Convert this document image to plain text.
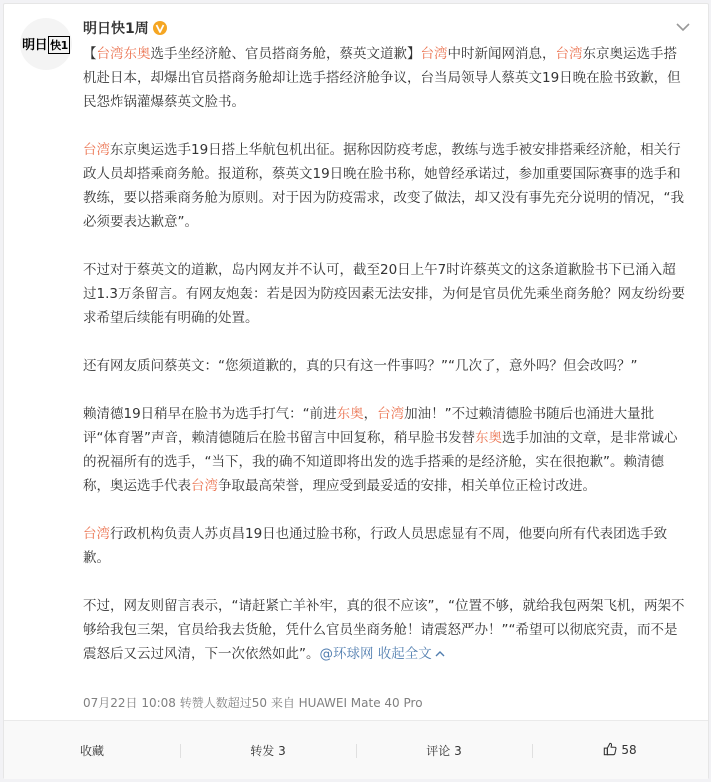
明日 快1
明日快1周

【台湾东奥选手坐经济舱、官员搭商务舱，蔡英文道歉】台湾中时新闻网消息，台湾东京奥运选手搭机赴日本，却爆出官员搭商务舱却让选手搭经济舱争议，台当局领导人蔡英文19日晚在脸书致歉，但民怨炸锅灌爆蔡英文脸书。

台湾东京奥运选手19日搭上华航包机出征。据称因防疫考虑，教练与选手被安排搭乘经济舱，相关行政人员却搭乘商务舱。报道称，蔡英文19日晚在脸书称，她曾经承诺过，参加重要国际赛事的选手和教练，要以搭乘商务舱为原则。对于因为防疫需求，改变了做法，却又没有事先充分说明的情况，“我必须要表达歉意”。

不过对于蔡英文的道歉，岛内网友并不认可，截至20日上午7时许蔡英文的这条道歉脸书下已涌入超过1.3万条留言。有网友炮轰：若是因为防疫因素无法安排，为何是官员优先乘坐商务舱？网友纷纷要求希望后续能有明确的处置。

还有网友质问蔡英文：“您须道歉的，真的只有这一件事吗？”“几次了，意外吗？但会改吗？”

赖清德19日稍早在脸书为选手打气：“前进东奥，台湾加油！”不过赖清德脸书随后也涌进大量批评“体育署”声音，赖清德随后在脸书留言中回复称，稍早脸书发替东奥选手加油的文章，是非常诚心的祝福所有的选手，“当下，我的确不知道即将出发的选手搭乘的是经济舱，实在很抱歉”。赖清德称，奥运选手代表台湾争取最高荣誉，理应受到最妥适的安排，相关单位正检讨改进。

台湾行政机构负责人苏贞昌19日也通过脸书称，行政人员思虑显有不周，他要向所有代表团选手致歉。

不过，网友则留言表示，“请赶紧亡羊补牢，真的很不应该”，“位置不够，就给我包两架飞机，两架不够给我包三架，官员给我去货舱，凭什么官员坐商务舱！请震怒严办！”“希望可以彻底究责，而不是震怒后又云过风清，下一次依然如此”。@环球网 收起全文

07月22日 10:08 转赞人数超过50 来自 HUAWEI Mate 40 Pro
收藏	转发 3	评论 3	58
